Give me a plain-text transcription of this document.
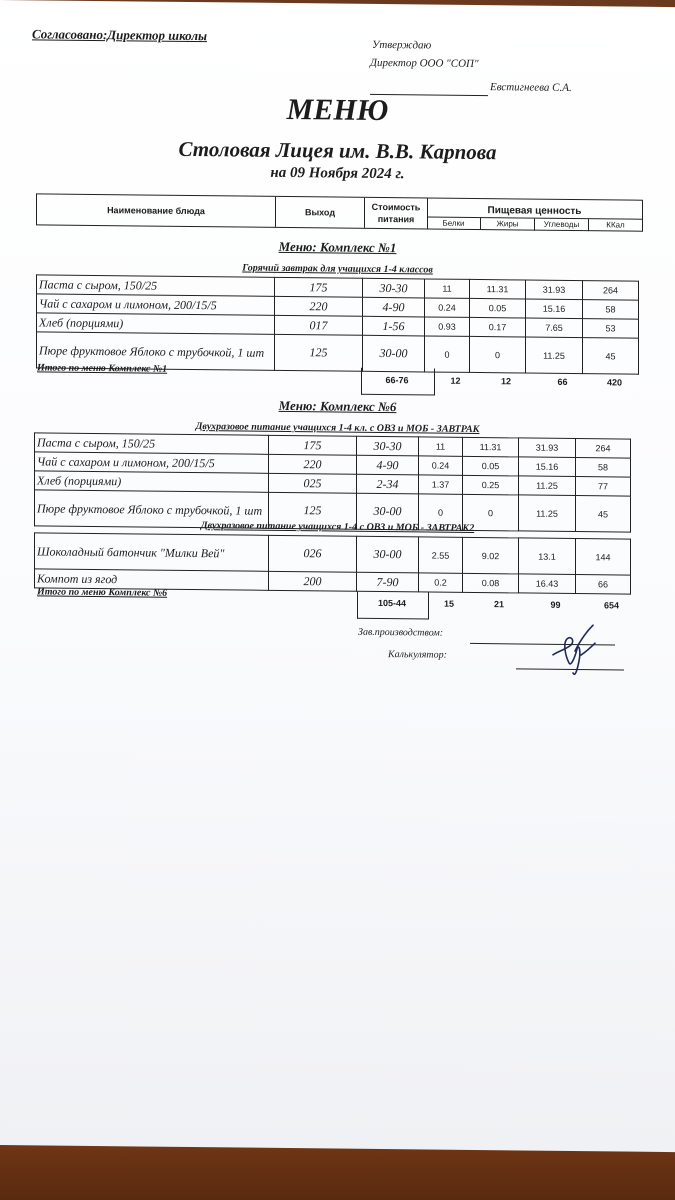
Согласовано:Директор школы
Утверждаю
Директор ООО "СОП"
Евстигнеева С.А.
МЕНЮ
Столовая Лицея им. В.В. Карпова
на 09 Ноября 2024 г.
Наименование блюда	Выход	Стоимость
питания
Пищевая ценность
Белки	Жиры	Углеводы	ККал
Меню: Комплекс №1
Горячий завтрак для учащихся 1-4 классов
Паста с сыром, 150/25	175	30-30	11	11.31	31.93	264
Чай с сахаром и лимоном, 200/15/5	220	4-90	0.24	0.05	15.16	58
Хлеб (порциями)	017	1-56	0.93	0.17	7.65	53
Пюре фруктовое Яблоко с трубочкой, 1 шт	125	30-00	0	0	11.25	45
Итого по меню Комплекс №1
66-76	12	12	66	420
Меню: Комплекс №6
Двухразовое питание учащихся 1-4 кл. с ОВЗ и МОБ - ЗАВТРАК
Паста с сыром, 150/25	175	30-30	11	11.31	31.93	264
Чай с сахаром и лимоном, 200/15/5	220	4-90	0.24	0.05	15.16	58
Хлеб (порциями)	025	2-34	1.37	0.25	11.25	77
Пюре фруктовое Яблоко с трубочкой, 1 шт	125	30-00	0	0	11.25	45
Двухразовое питание учащихся 1-4 с ОВЗ и МОБ - ЗАВТРАК2
Шоколадный батончик "Милки Вей"	026	30-00	2.55	9.02	13.1	144
Компот из ягод	200	7-90	0.2	0.08	16.43	66
Итого по меню Комплекс №6
105-44	15	21	99	654
Зав.производством:
Калькулятор:
